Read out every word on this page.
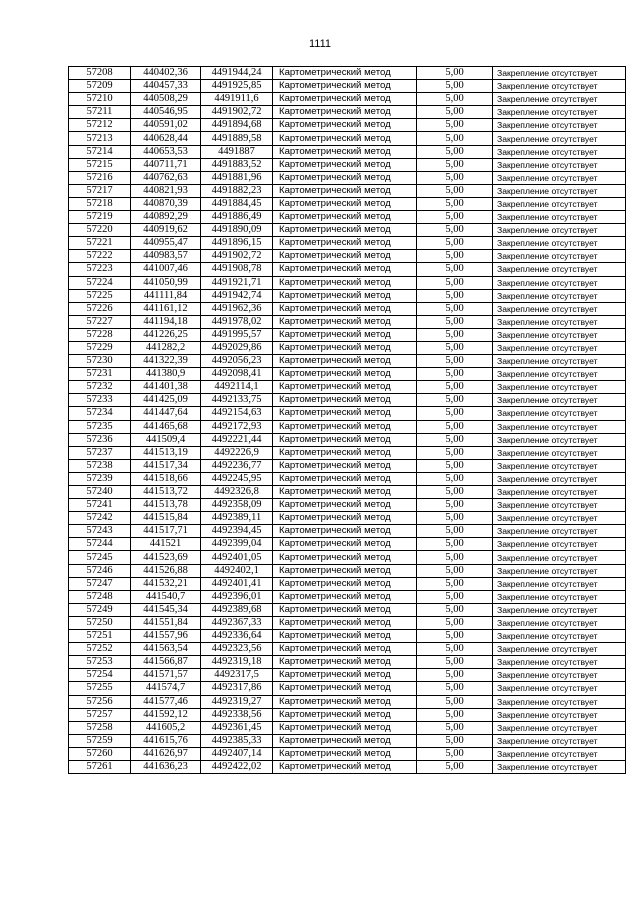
1111
57208	440402,36	4491944,24	Картометрический метод	5,00	Закрепление отсутствует
57209	440457,33	4491925,85	Картометрический метод	5,00	Закрепление отсутствует
57210	440508,29	4491911,6	Картометрический метод	5,00	Закрепление отсутствует
57211	440546,95	4491902,72	Картометрический метод	5,00	Закрепление отсутствует
57212	440591,02	4491894,68	Картометрический метод	5,00	Закрепление отсутствует
57213	440628,44	4491889,58	Картометрический метод	5,00	Закрепление отсутствует
57214	440653,53	4491887	Картометрический метод	5,00	Закрепление отсутствует
57215	440711,71	4491883,52	Картометрический метод	5,00	Закрепление отсутствует
57216	440762,63	4491881,96	Картометрический метод	5,00	Закрепление отсутствует
57217	440821,93	4491882,23	Картометрический метод	5,00	Закрепление отсутствует
57218	440870,39	4491884,45	Картометрический метод	5,00	Закрепление отсутствует
57219	440892,29	4491886,49	Картометрический метод	5,00	Закрепление отсутствует
57220	440919,62	4491890,09	Картометрический метод	5,00	Закрепление отсутствует
57221	440955,47	4491896,15	Картометрический метод	5,00	Закрепление отсутствует
57222	440983,57	4491902,72	Картометрический метод	5,00	Закрепление отсутствует
57223	441007,46	4491908,78	Картометрический метод	5,00	Закрепление отсутствует
57224	441050,99	4491921,71	Картометрический метод	5,00	Закрепление отсутствует
57225	441111,84	4491942,74	Картометрический метод	5,00	Закрепление отсутствует
57226	441161,12	4491962,36	Картометрический метод	5,00	Закрепление отсутствует
57227	441194,18	4491978,02	Картометрический метод	5,00	Закрепление отсутствует
57228	441226,25	4491995,57	Картометрический метод	5,00	Закрепление отсутствует
57229	441282,2	4492029,86	Картометрический метод	5,00	Закрепление отсутствует
57230	441322,39	4492056,23	Картометрический метод	5,00	Закрепление отсутствует
57231	441380,9	4492098,41	Картометрический метод	5,00	Закрепление отсутствует
57232	441401,38	4492114,1	Картометрический метод	5,00	Закрепление отсутствует
57233	441425,09	4492133,75	Картометрический метод	5,00	Закрепление отсутствует
57234	441447,64	4492154,63	Картометрический метод	5,00	Закрепление отсутствует
57235	441465,68	4492172,93	Картометрический метод	5,00	Закрепление отсутствует
57236	441509,4	4492221,44	Картометрический метод	5,00	Закрепление отсутствует
57237	441513,19	4492226,9	Картометрический метод	5,00	Закрепление отсутствует
57238	441517,34	4492236,77	Картометрический метод	5,00	Закрепление отсутствует
57239	441518,66	4492245,95	Картометрический метод	5,00	Закрепление отсутствует
57240	441513,72	4492326,8	Картометрический метод	5,00	Закрепление отсутствует
57241	441513,78	4492358,09	Картометрический метод	5,00	Закрепление отсутствует
57242	441515,84	4492389,11	Картометрический метод	5,00	Закрепление отсутствует
57243	441517,71	4492394,45	Картометрический метод	5,00	Закрепление отсутствует
57244	441521	4492399,04	Картометрический метод	5,00	Закрепление отсутствует
57245	441523,69	4492401,05	Картометрический метод	5,00	Закрепление отсутствует
57246	441526,88	4492402,1	Картометрический метод	5,00	Закрепление отсутствует
57247	441532,21	4492401,41	Картометрический метод	5,00	Закрепление отсутствует
57248	441540,7	4492396,01	Картометрический метод	5,00	Закрепление отсутствует
57249	441545,34	4492389,68	Картометрический метод	5,00	Закрепление отсутствует
57250	441551,84	4492367,33	Картометрический метод	5,00	Закрепление отсутствует
57251	441557,96	4492336,64	Картометрический метод	5,00	Закрепление отсутствует
57252	441563,54	4492323,56	Картометрический метод	5,00	Закрепление отсутствует
57253	441566,87	4492319,18	Картометрический метод	5,00	Закрепление отсутствует
57254	441571,57	4492317,5	Картометрический метод	5,00	Закрепление отсутствует
57255	441574,7	4492317,86	Картометрический метод	5,00	Закрепление отсутствует
57256	441577,46	4492319,27	Картометрический метод	5,00	Закрепление отсутствует
57257	441592,12	4492338,56	Картометрический метод	5,00	Закрепление отсутствует
57258	441605,2	4492361,45	Картометрический метод	5,00	Закрепление отсутствует
57259	441615,76	4492385,33	Картометрический метод	5,00	Закрепление отсутствует
57260	441626,97	4492407,14	Картометрический метод	5,00	Закрепление отсутствует
57261	441636,23	4492422,02	Картометрический метод	5,00	Закрепление отсутствует
